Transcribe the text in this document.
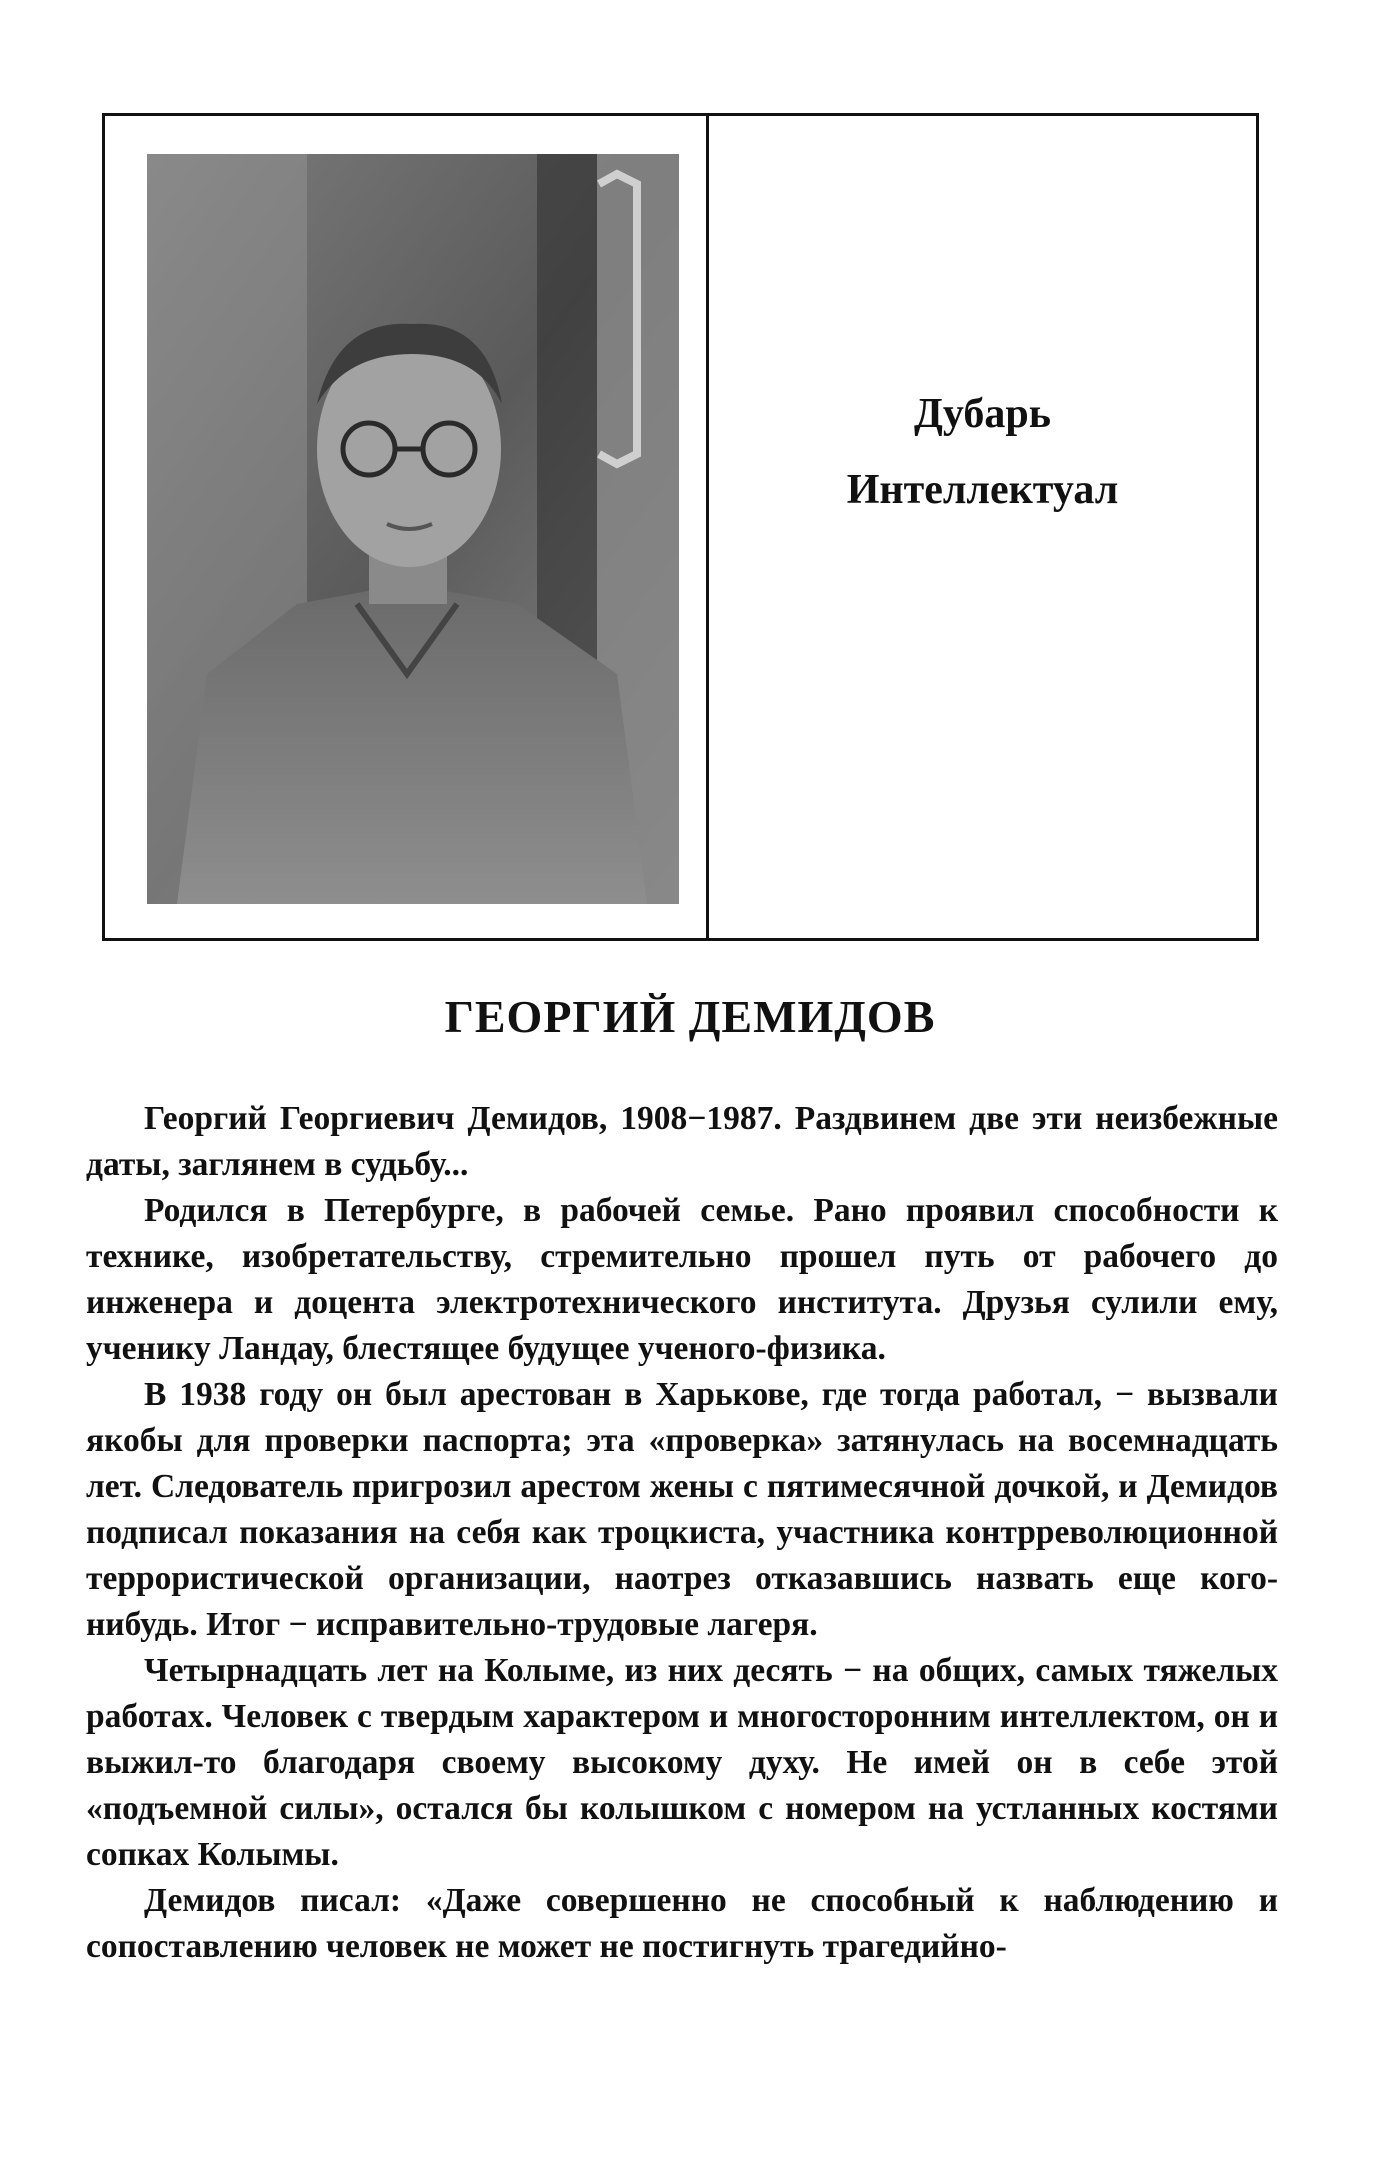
Дубарь
Интеллектуал
ГЕОРГИЙ ДЕМИДОВ

Георгий Георгиевич Демидов, 1908−1987. Раздвинем две эти неизбежные даты, заглянем в судьбу...

Родился в Петербурге, в рабочей семье. Рано проявил способности к технике, изобретательству, стремительно прошел путь от рабочего до инженера и доцента электротехнического института. Друзья сулили ему, ученику Ландау, блестящее будущее ученого-физика.

В 1938 году он был арестован в Харькове, где тогда работал, − вызвали якобы для проверки паспорта; эта «проверка» затянулась на восемнадцать лет. Следователь пригрозил арестом жены с пятимесячной дочкой, и Демидов подписал показания на себя как троцкиста, участника контрреволюционной террористической организации, наотрез отказавшись назвать еще кого-нибудь. Итог − исправительно-трудовые лагеря.

Четырнадцать лет на Колыме, из них десять − на общих, самых тяжелых работах. Человек с твердым характером и многосторонним интеллектом, он и выжил-то благодаря своему высокому духу. Не имей он в себе этой «подъемной силы», остался бы колышком с номером на устланных костями сопках Колымы.

Демидов писал: «Даже совершенно не способный к наблюдению и сопоставлению человек не может не постигнуть трагедийно-
